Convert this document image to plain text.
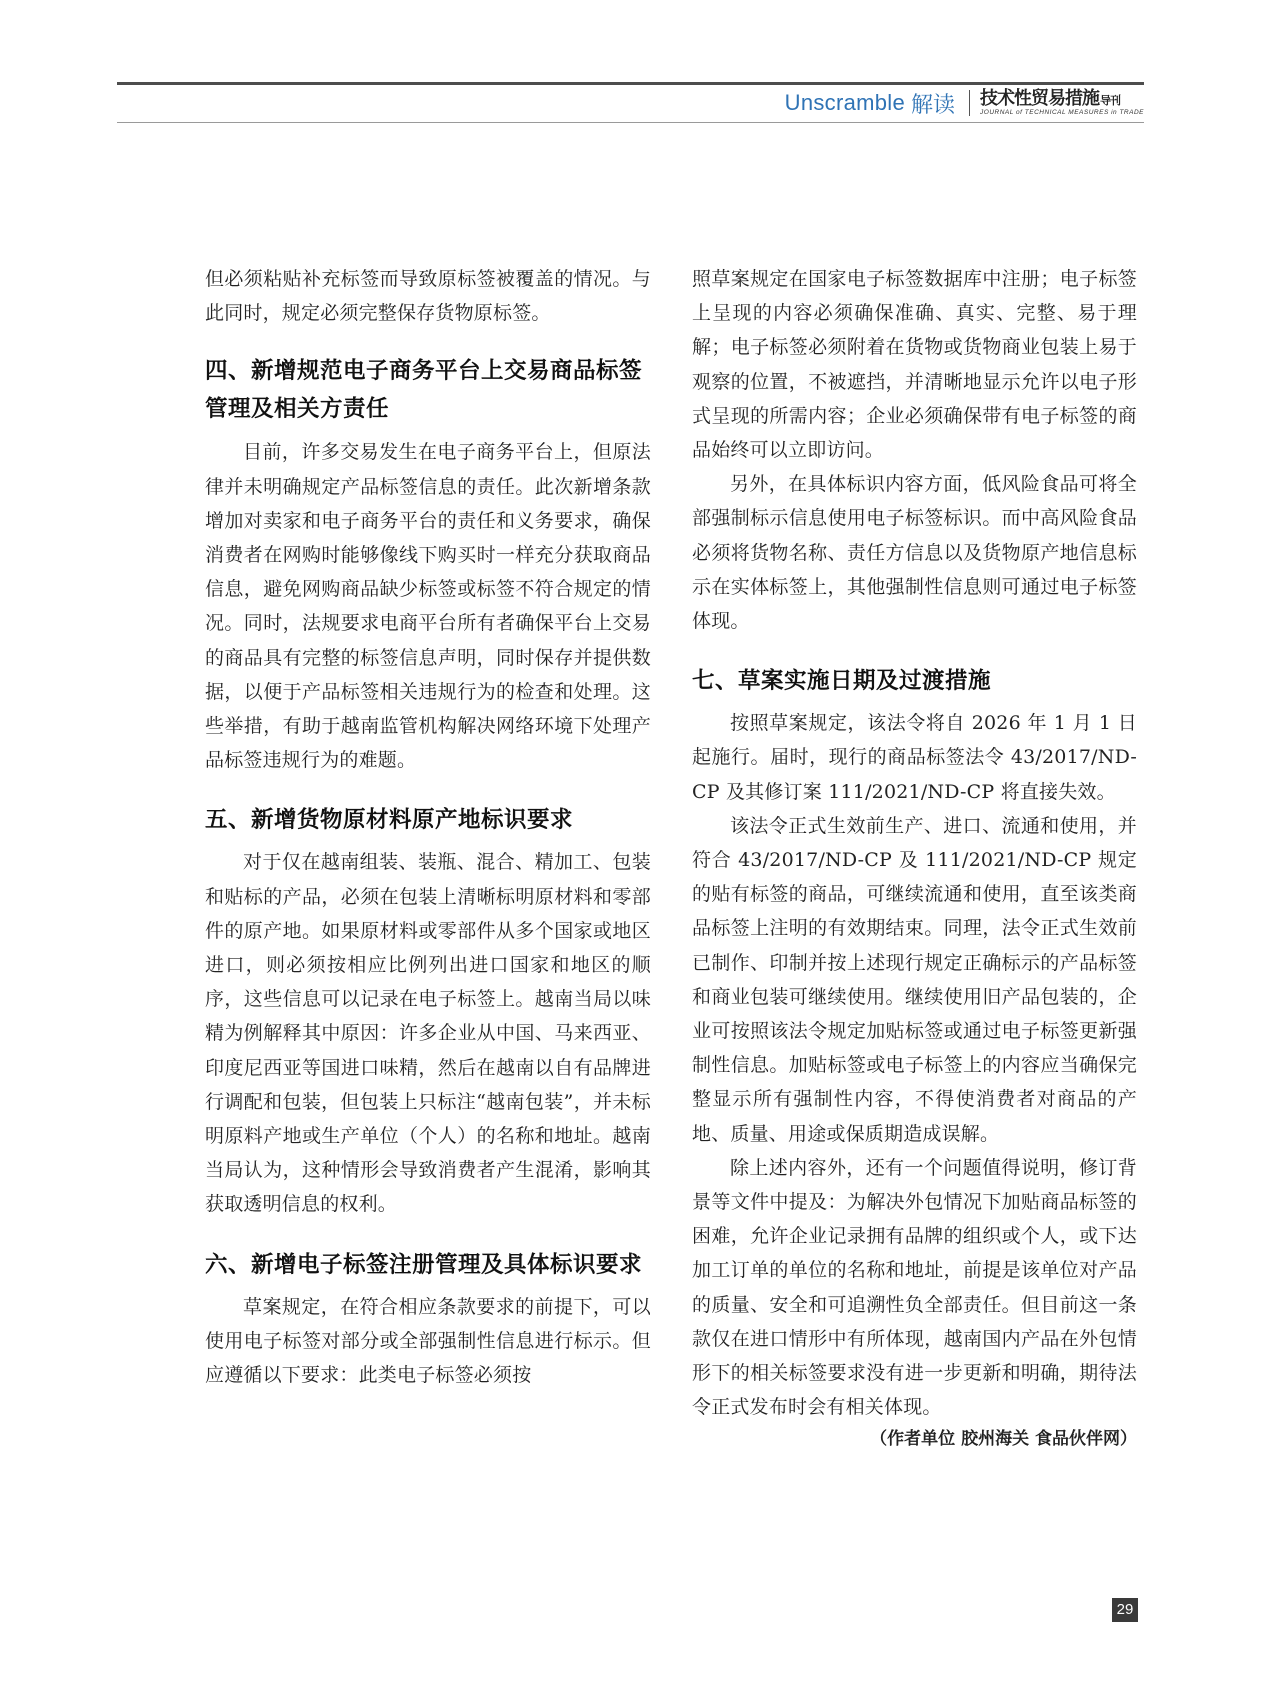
Unscramble 解读 技术性贸易措施导刊
JOURNAL of TECHNICAL MEASURES in TRADE

但必须粘贴补充标签而导致原标签被覆盖的情况。与此同时，规定必须完整保存货物原标签。

四、新增规范电子商务平台上交易商品标签管理及相关方责任

目前，许多交易发生在电子商务平台上，但原法律并未明确规定产品标签信息的责任。此次新增条款增加对卖家和电子商务平台的责任和义务要求，确保消费者在网购时能够像线下购买时一样充分获取商品信息，避免网购商品缺少标签或标签不符合规定的情况。同时，法规要求电商平台所有者确保平台上交易的商品具有完整的标签信息声明，同时保存并提供数据，以便于产品标签相关违规行为的检查和处理。这些举措，有助于越南监管机构解决网络环境下处理产品标签违规行为的难题。

五、新增货物原材料原产地标识要求

对于仅在越南组装、装瓶、混合、精加工、包装和贴标的产品，必须在包装上清晰标明原材料和零部件的原产地。如果原材料或零部件从多个国家或地区进口，则必须按相应比例列出进口国家和地区的顺序，这些信息可以记录在电子标签上。越南当局以味精为例解释其中原因：许多企业从中国、马来西亚、印度尼西亚等国进口味精，然后在越南以自有品牌进行调配和包装，但包装上只标注“越南包装”，并未标明原料产地或生产单位（个人）的名称和地址。越南当局认为，这种情形会导致消费者产生混淆，影响其获取透明信息的权利。

六、新增电子标签注册管理及具体标识要求

草案规定，在符合相应条款要求的前提下，可以使用电子标签对部分或全部强制性信息进行标示。但应遵循以下要求：此类电子标签必须按

照草案规定在国家电子标签数据库中注册；电子标签上呈现的内容必须确保准确、真实、完整、易于理解；电子标签必须附着在货物或货物商业包装上易于观察的位置，不被遮挡，并清晰地显示允许以电子形式呈现的所需内容；企业必须确保带有电子标签的商品始终可以立即访问。

另外，在具体标识内容方面，低风险食品可将全部强制标示信息使用电子标签标识。而中高风险食品必须将货物名称、责任方信息以及货物原产地信息标示在实体标签上，其他强制性信息则可通过电子标签体现。

七、草案实施日期及过渡措施

按照草案规定，该法令将自 2026 年 1 月 1 日起施行。届时，现行的商品标签法令 43/2017/ND-CP 及其修订案 111/2021/ND-CP 将直接失效。

该法令正式生效前生产、进口、流通和使用，并符合 43/2017/ND-CP 及 111/2021/ND-CP 规定的贴有标签的商品，可继续流通和使用，直至该类商品标签上注明的有效期结束。同理，法令正式生效前已制作、印制并按上述现行规定正确标示的产品标签和商业包装可继续使用。继续使用旧产品包装的，企业可按照该法令规定加贴标签或通过电子标签更新强制性信息。加贴标签或电子标签上的内容应当确保完整显示所有强制性内容，不得使消费者对商品的产地、质量、用途或保质期造成误解。

除上述内容外，还有一个问题值得说明，修订背景等文件中提及：为解决外包情况下加贴商品标签的困难，允许企业记录拥有品牌的组织或个人，或下达加工订单的单位的名称和地址，前提是该单位对产品的质量、安全和可追溯性负全部责任。但目前这一条款仅在进口情形中有所体现，越南国内产品在外包情形下的相关标签要求没有进一步更新和明确，期待法令正式发布时会有相关体现。

（作者单位 胶州海关 食品伙伴网）

29
